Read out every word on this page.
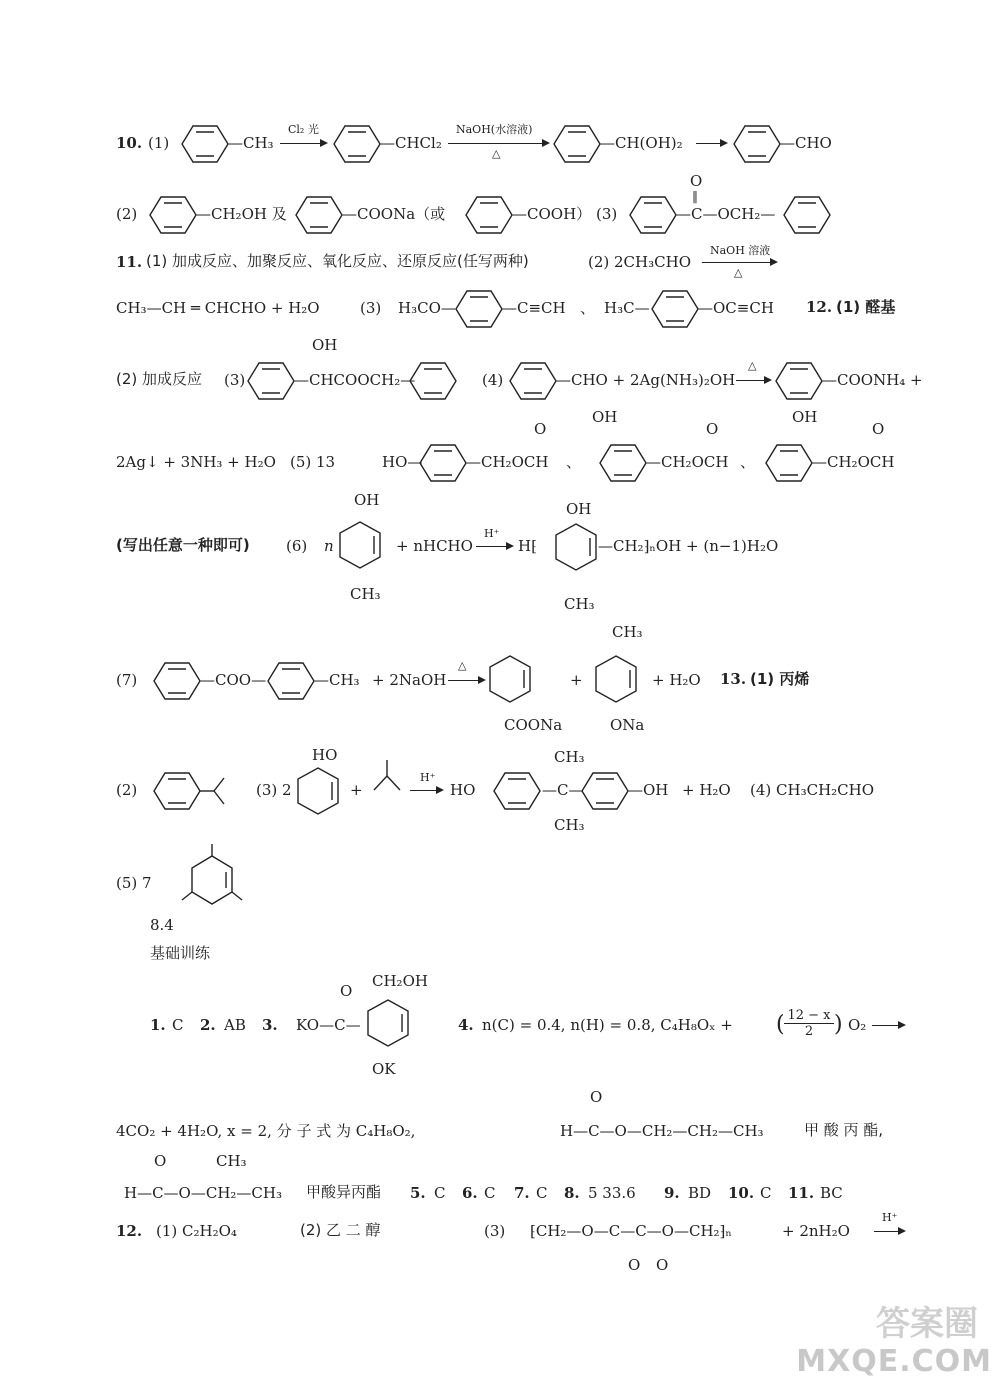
10. (1)	—CH₃
Cl₂ 光
—CHCl₂
NaOH(水溶液)
△
—CH(OH)₂ →	—CHO
(2)	—CH₂OH 及	—COONa（或	—COOH） (3)
O
‖
—C—OCH₂—
11. (1) 加成反应、加聚反应、氧化反应、还原反应(任写两种)	(2) 2CH₃CHO
NaOH 溶液
△
CH₃—CH ═ CHCHO + H₂O	(3) H₃CO—	—C≡CH 、 H₃C—	—OC≡CH 12. (1) 醛基
(2) 加成反应 (3)
OH
—CHCOOCH₂—	(4)	—CHO + 2Ag(NH₃)₂OH
△
—COONH₄ +
2Ag↓ + 3NH₃ + H₂O (5) 13	HO—
O
—CH₂OCH 、
OH
O
—CH₂OCH 、
OH
O
—CH₂OCH
(写出任意一种即可) (6) n
OH
CH₃
+ nHCHO
H⁺
→ H⁅
OH
—CH₂⁆ₙOH + (n−1)H₂O
CH₃
(7)	—COO—	—CH₃ + 2NaOH
△
COONa
+
CH₃
ONa
+ H₂O 13. (1) 丙烯
(2)	(3) 2
HO
+
H⁺
→ HO
CH₃
—C—
CH₃
—OH + H₂O (4) CH₃CH₂CHO
(5) 7
8.4
基础训练
1. C 2. AB 3.
O
KO—C—
CH₂OH
OK
4. n(C) = 0.4, n(H) = 0.8, C₄H₈Oₓ + ( $\frac{12 - x}{2}$ ) O₂ →
4CO₂ + 4H₂O, x = 2, 分 子 式 为 C₄H₈O₂,
O
H—C—O—CH₂—CH₂—CH₃	甲 酸 丙 酯,
O	CH₃
H—C—O—CH₂—CH₃ 甲酸异丙酯 5. C 6. C 7. C 8. 5 33.6 9. BD 10. C 11. BC
12. (1) C₂H₂O₄	(2) 乙 二 醇	(3) ⁅CH₂—O—C—C—O—CH₂⁆ₙ
O O
+ 2nH₂O
H⁺
答案圈
MXQE.COM
